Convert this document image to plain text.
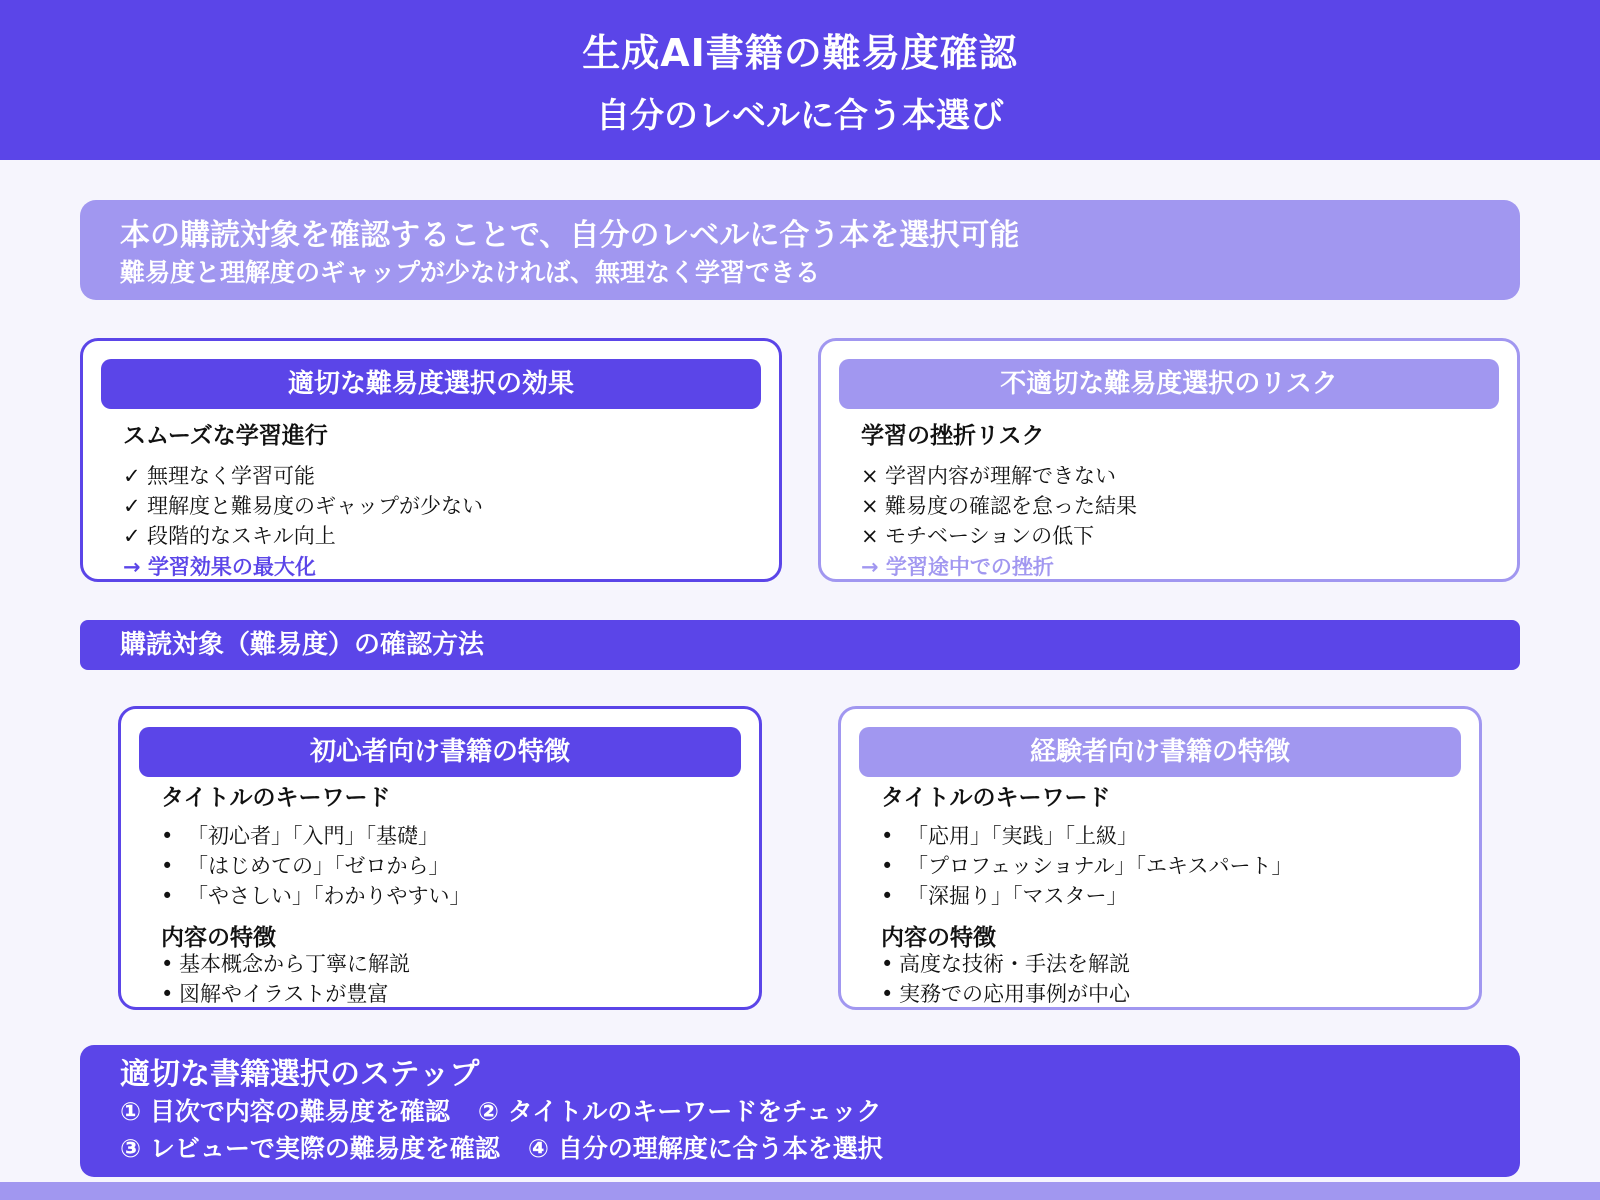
生成AI書籍の難易度確認
自分のレベルに合う本選び
本の購読対象を確認することで、自分のレベルに合う本を選択可能
難易度と理解度のギャップが少なければ、無理なく学習できる
適切な難易度選択の効果
スムーズな学習進行
✓ 無理なく学習可能
✓ 理解度と難易度のギャップが少ない
✓ 段階的なスキル向上
→ 学習効果の最大化
不適切な難易度選択のリスク
学習の挫折リスク
× 学習内容が理解できない
× 難易度の確認を怠った結果
× モチベーションの低下
→ 学習途中での挫折
購読対象（難易度）の確認方法
初心者向け書籍の特徴
タイトルのキーワード
• 「初心者」「入門」「基礎」
• 「はじめての」「ゼロから」
• 「やさしい」「わかりやすい」
内容の特徴
• 基本概念から丁寧に解説
• 図解やイラストが豊富
経験者向け書籍の特徴
タイトルのキーワード
• 「応用」「実践」「上級」
• 「プロフェッショナル」「エキスパート」
• 「深掘り」「マスター」
内容の特徴
• 高度な技術・手法を解説
• 実務での応用事例が中心
適切な書籍選択のステップ
① 目次で内容の難易度を確認 ② タイトルのキーワードをチェック
③ レビューで実際の難易度を確認 ④ 自分の理解度に合う本を選択
